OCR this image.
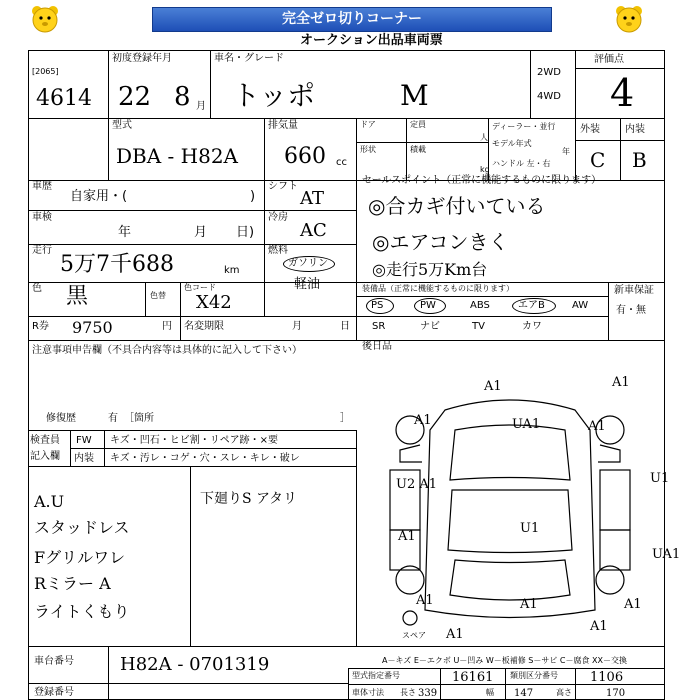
完全ゼロ切りコーナー
オークション出品車両票
[2065]
4614
初度登録年月
22 8 月
車名・グレード
トッポ	M
2WD
4WD
評価点
4
型式
DBA - H82A
排気量
660 cc
ドア	定員
人
形状	積載
kg
ディーラー・並行
モデル年式
年
ハンドル 左・右
外装	内装
C B
車歴
自家用・(	)
シフト
AT
車検
年	月 日)
冷房
AC
走行
5万7千688	km
燃料
ガソリン
軽油
色 黒	色替
色コード
X42
R券 9750	円 名変期限	月	日
セールスポイント（正常に機能するものに限ります）
◎合カギ付いている
◎エアコンきく
◎走行5万Km台
装備品（正常に機能するものに限ります）	新車保証
有・無
PS	PW	ABS	エアB	AW
SR	ナビ	TV	カワ
注意事項申告欄（不具合内容等は具体的に記入して下さい）	後日品
修復歴	有 ［箇所	］
検査員
記入欄
FW キズ・凹石・ヒビ割・リペア跡・×要
内装 キズ・汚レ・コゲ・穴・スレ・キレ・破レ
A.U
スタッドレス
Fグリルワレ
Rミラー A
ライトくもり
下廻りS アタリ
スペア
A1	A1
UA1
A1	A1
U2 A1	U1
A1
U1
UA1
A1	A1	A1
A1
A1
A－キズ E－エクボ U－凹み W－板補修 S－サビ C－腐食 XX－交換
車台番号	H82A - 0701319
登録番号
型式指定番号	16161 類別区分番号 1106
車体寸法 長さ 339	幅 147	高さ	170
